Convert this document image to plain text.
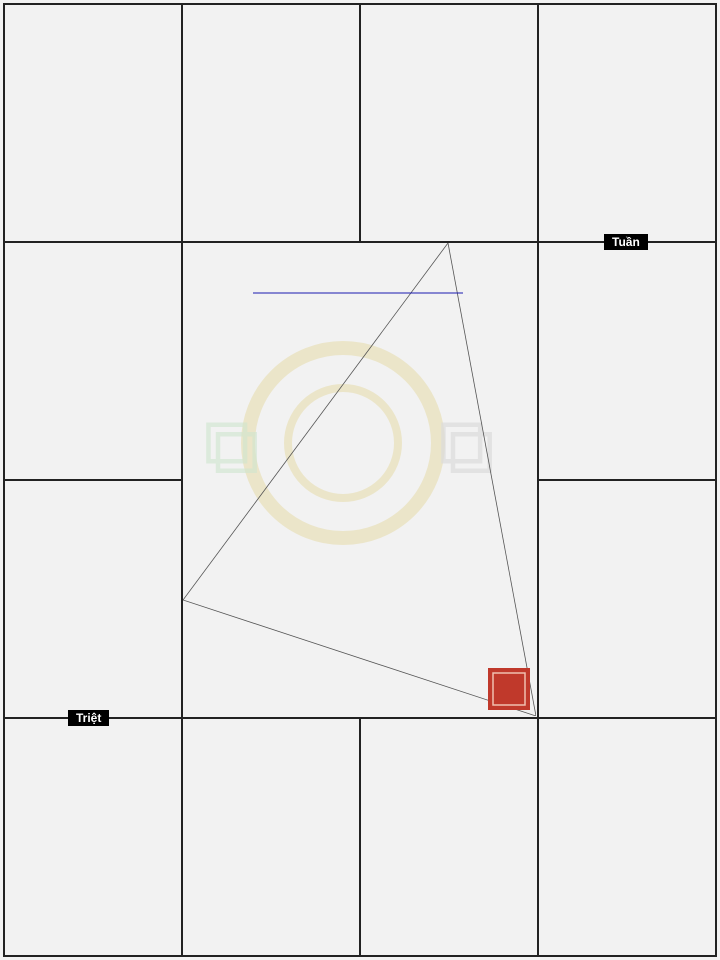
Tuần
Triệt
⧉ ⧉
